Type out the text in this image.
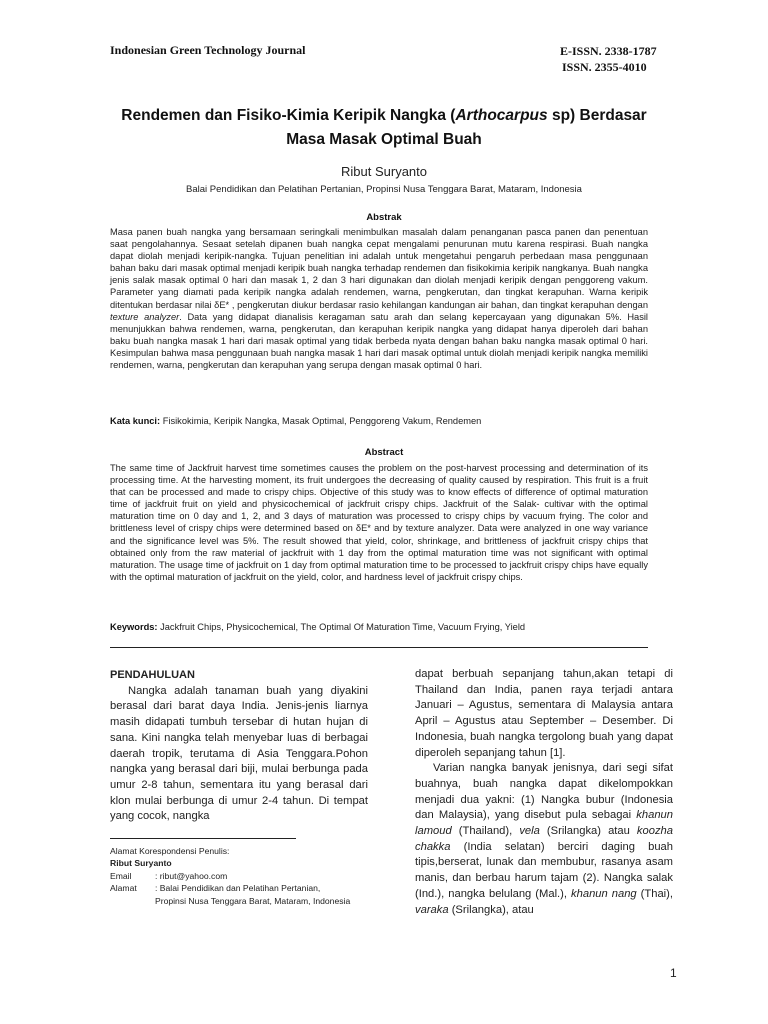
Indonesian Green Technology Journal	E-ISSN. 2338-1787
ISSN. 2355-4010
Rendemen dan Fisiko-Kimia Keripik Nangka (Arthocarpus sp) Berdasar
Masa Masak Optimal Buah
Ribut Suryanto
Balai Pendidikan dan Pelatihan Pertanian, Propinsi Nusa Tenggara Barat, Mataram, Indonesia
Abstrak
Masa panen buah nangka yang bersamaan seringkali menimbulkan masalah dalam penanganan pasca panen dan penentuan saat pengolahannya. Sesaat setelah dipanen buah nangka cepat mengalami penurunan mutu karena respirasi. Buah nangka dapat diolah menjadi keripik-nangka. Tujuan penelitian ini adalah untuk mengetahui pengaruh perbedaan masa penggunaan bahan baku dari masak optimal menjadi keripik buah nangka terhadap rendemen dan fisikokimia keripik nangkanya. Buah nangka jenis salak masak optimal 0 hari dan masak 1, 2 dan 3 hari digunakan dan diolah menjadi keripik dengan penggoreng vakum. Parameter yang diamati pada keripik nangka adalah rendemen, warna, pengkerutan, dan tingkat kerapuhan. Warna keripik ditentukan berdasar nilai δE* , pengkerutan diukur berdasar rasio kehilangan kandungan air bahan, dan tingkat kerapuhan dengan texture analyzer. Data yang didapat dianalisis keragaman satu arah dan selang kepercayaan yang digunakan 5%. Hasil menunjukkan bahwa rendemen, warna, pengkerutan, dan kerapuhan keripik nangka yang didapat hanya diperoleh dari bahan baku buah nangka masak 1 hari dari masak optimal yang tidak berbeda nyata dengan bahan baku nangka masak optimal 0 hari. Kesimpulan bahwa masa penggunaan buah nangka masak 1 hari dari masak optimal untuk diolah menjadi keripik nangka memiliki rendemen, warna, pengkerutan dan kerapuhan yang serupa dengan masak optimal 0 hari.
Kata kunci: Fisikokimia, Keripik Nangka, Masak Optimal, Penggoreng Vakum, Rendemen
Abstract
The same time of Jackfruit harvest time sometimes causes the problem on the post-harvest processing and determination of its processing time. At the harvesting moment, its fruit undergoes the decreasing of quality caused by respiration. This fruit is a fruit that can be processed and made to crispy chips. Objective of this study was to know effects of difference of optimal maturation time of jackfruit fruit on yield and physicochemical of jackfruit crispy chips. Jackfruit of the Salak- cultivar with the optimal maturation time on 0 day and 1, 2, and 3 days of maturation was processed to crispy chips by vacuum frying. The color and brittleness level of crispy chips were determined based on δE* and by texture analyzer. Data were analyzed in one way variance and the significance level was 5%. The result showed that yield, color, shrinkage, and brittleness of jackfruit crispy chips that obtained only from the raw material of jackfruit with 1 day from the optimal maturation time was not significant with optimal maturation. The usage time of jackfruit on 1 day from optimal maturation time to be processed to jackfruit crispy chips have equally with the optimal maturation of jackfruit on the yield, color, and hardness level of jackfruit crispy chips.
Keywords: Jackfruit Chips, Physicochemical, The Optimal Of Maturation Time, Vacuum Frying, Yield

PENDAHULUAN

Nangka adalah tanaman buah yang diyakini berasal dari barat daya India. Jenis-jenis liarnya masih didapati tumbuh tersebar di hutan hujan di sana. Kini nangka telah menyebar luas di berbagai daerah tropik, terutama di Asia Tenggara.Pohon nangka yang berasal dari biji, mulai berbunga pada umur 2-8 tahun, sementara itu yang berasal dari klon mulai berbunga di umur 2-4 tahun. Di tempat yang cocok, nangka

dapat berbuah sepanjang tahun,akan tetapi di Thailand dan India, panen raya terjadi antara Januari – Agustus, sementara di Malaysia antara April – Agustus atau September – Desember. Di Indonesia, buah nangka tergolong buah yang dapat diperoleh sepanjang tahun [1].

Varian nangka banyak jenisnya, dari segi sifat buahnya, buah nangka dapat dikelompokkan menjadi dua yakni: (1) Nangka bubur (Indonesia dan Malaysia), yang disebut pula sebagai khanun lamoud (Thailand), vela (Srilangka) atau koozha chakka (India selatan) berciri daging buah tipis,berserat, lunak dan membubur, rasanya asam manis, dan berbau harum tajam (2). Nangka salak (Ind.), nangka belulang (Mal.), khanun nang (Thai), varaka (Srilangka), atau

Alamat Korespondensi Penulis:
Ribut Suryanto
Email	: ribut@yahoo.com
Alamat	: Balai Pendidikan dan Pelatihan Pertanian,
Propinsi Nusa Tenggara Barat, Mataram, Indonesia
1
